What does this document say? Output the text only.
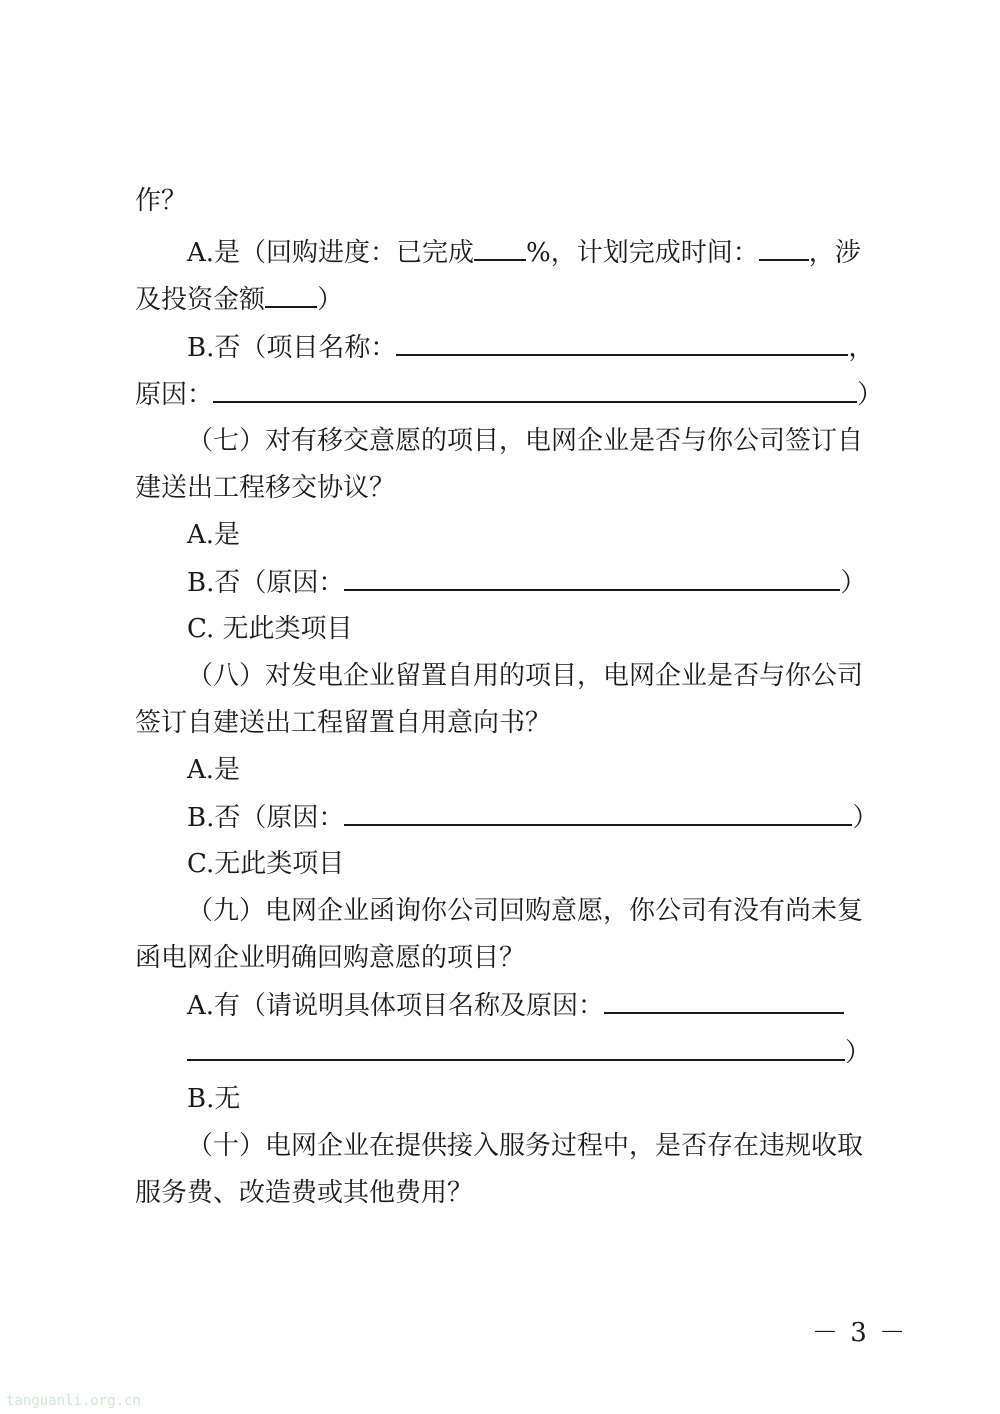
作？
A.是（回购进度：已完成 %，计划完成时间： ，涉
及投资金额 ）
B.否（项目名称：	，
原因：	）
（七）对有移交意愿的项目，电网企业是否与你公司签订自
建送出工程移交协议？
A.是
B.否（原因：	）
C. 无此类项目
（八）对发电企业留置自用的项目，电网企业是否与你公司
签订自建送出工程留置自用意向书？
A.是
B.否（原因：	）
C.无此类项目
（九）电网企业函询你公司回购意愿，你公司有没有尚未复
函电网企业明确回购意愿的项目？
A.有（请说明具体项目名称及原因：
）
B.无
（十）电网企业在提供接入服务过程中，是否存在违规收取
服务费、改造费或其他费用？
－ 3 －
tanguanli.org.cn
